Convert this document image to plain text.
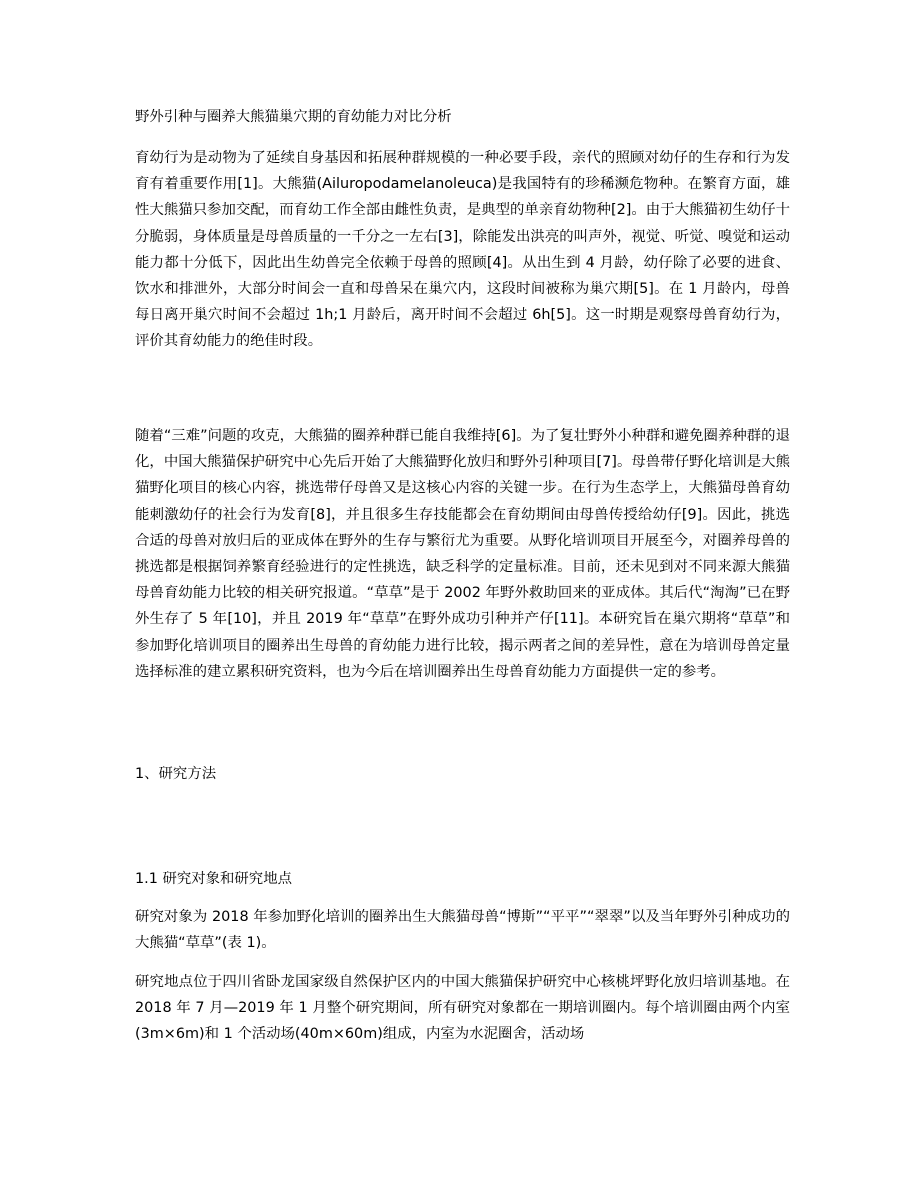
野外引种与圈养大熊猫巢穴期的育幼能力对比分析

育幼行为是动物为了延续自身基因和拓展种群规模的一种必要手段，亲代的照顾对幼仔的生存和行为发育有着重要作用[1]。大熊猫(Ailuropodamelanoleuca)是我国特有的珍稀濒危物种。在繁育方面，雄性大熊猫只参加交配，而育幼工作全部由雌性负责，是典型的单亲育幼物种[2]。由于大熊猫初生幼仔十分脆弱，身体质量是母兽质量的一千分之一左右[3]，除能发出洪亮的叫声外，视觉、听觉、嗅觉和运动能力都十分低下，因此出生幼兽完全依赖于母兽的照顾[4]。从出生到 4 月龄，幼仔除了必要的进食、饮水和排泄外，大部分时间会一直和母兽呆在巢穴内，这段时间被称为巢穴期[5]。在 1 月龄内，母兽每日离开巢穴时间不会超过 1h;1 月龄后，离开时间不会超过 6h[5]。这一时期是观察母兽育幼行为，评价其育幼能力的绝佳时段。

随着“三难”问题的攻克，大熊猫的圈养种群已能自我维持[6]。为了复壮野外小种群和避免圈养种群的退化，中国大熊猫保护研究中心先后开始了大熊猫野化放归和野外引种项目[7]。母兽带仔野化培训是大熊猫野化项目的核心内容，挑选带仔母兽又是这核心内容的关键一步。在行为生态学上，大熊猫母兽育幼能刺激幼仔的社会行为发育[8]，并且很多生存技能都会在育幼期间由母兽传授给幼仔[9]。因此，挑选合适的母兽对放归后的亚成体在野外的生存与繁衍尤为重要。从野化培训项目开展至今，对圈养母兽的挑选都是根据饲养繁育经验进行的定性挑选，缺乏科学的定量标准。目前，还未见到对不同来源大熊猫母兽育幼能力比较的相关研究报道。“草草”是于 2002 年野外救助回来的亚成体。其后代“淘淘”已在野外生存了 5 年[10]，并且 2019 年“草草”在野外成功引种并产仔[11]。本研究旨在巢穴期将“草草”和参加野化培训项目的圈养出生母兽的育幼能力进行比较，揭示两者之间的差异性，意在为培训母兽定量选择标准的建立累积研究资料，也为今后在培训圈养出生母兽育幼能力方面提供一定的参考。

1、研究方法

1.1 研究对象和研究地点

研究对象为 2018 年参加野化培训的圈养出生大熊猫母兽“博斯”“平平”“翠翠”以及当年野外引种成功的大熊猫“草草”(表 1)。

研究地点位于四川省卧龙国家级自然保护区内的中国大熊猫保护研究中心核桃坪野化放归培训基地。在 2018 年 7 月—2019 年 1 月整个研究期间，所有研究对象都在一期培训圈内。每个培训圈由两个内室(3m×6m)和 1 个活动场(40m×60m)组成，内室为水泥圈舍，活动场
